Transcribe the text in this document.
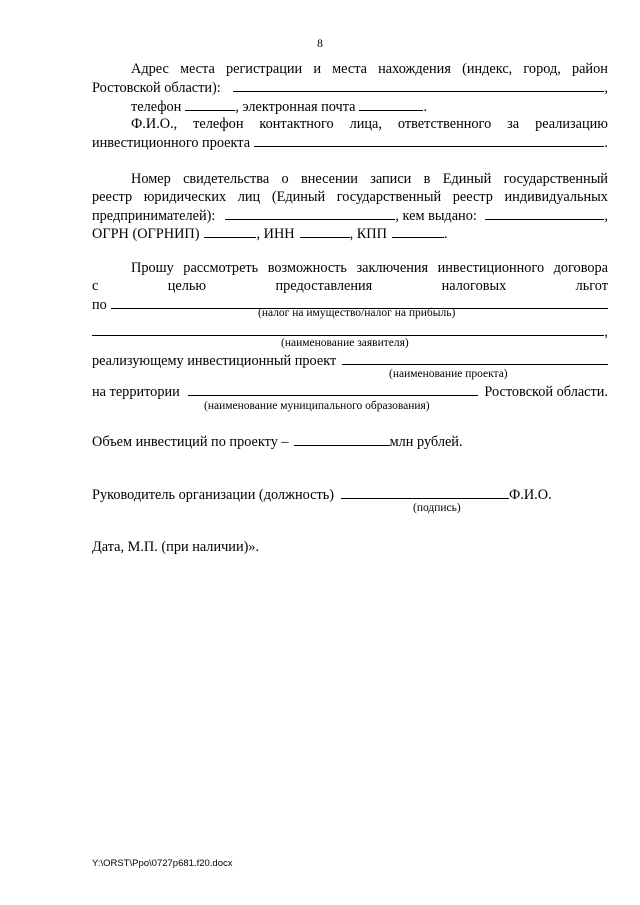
8
Адрес места регистрации и места нахождения (индекс, город, район
Ростовской области):	,
телефон	, электронная почта	.
Ф.И.О., телефон контактного лица, ответственного за реализацию
инвестиционного проекта	.
Номер свидетельства о внесении записи в Единый государственный
реестр юридических лиц (Единый государственный реестр индивидуальных
предпринимателей):	, кем выдано:	,
ОГРН (ОГРНИП)	, ИНН	, КПП	.
Прошу рассмотреть возможность заключения инвестиционного договора
с	целью	предоставления	налоговых	льгот
по	(налог на имущество/налог на прибыль)
,
(наименование заявителя)
реализующему инвестиционный проект
(наименование проекта)
на территории	Ростовской области.
(наименование муниципального образования)
Объем инвестиций по проекту –	млн рублей.
Руководитель организации (должность)	Ф.И.О.
(подпись)
Дата, М.П. (при наличии)».
Y:\ORST\Ppo\0727p681.f20.docx
